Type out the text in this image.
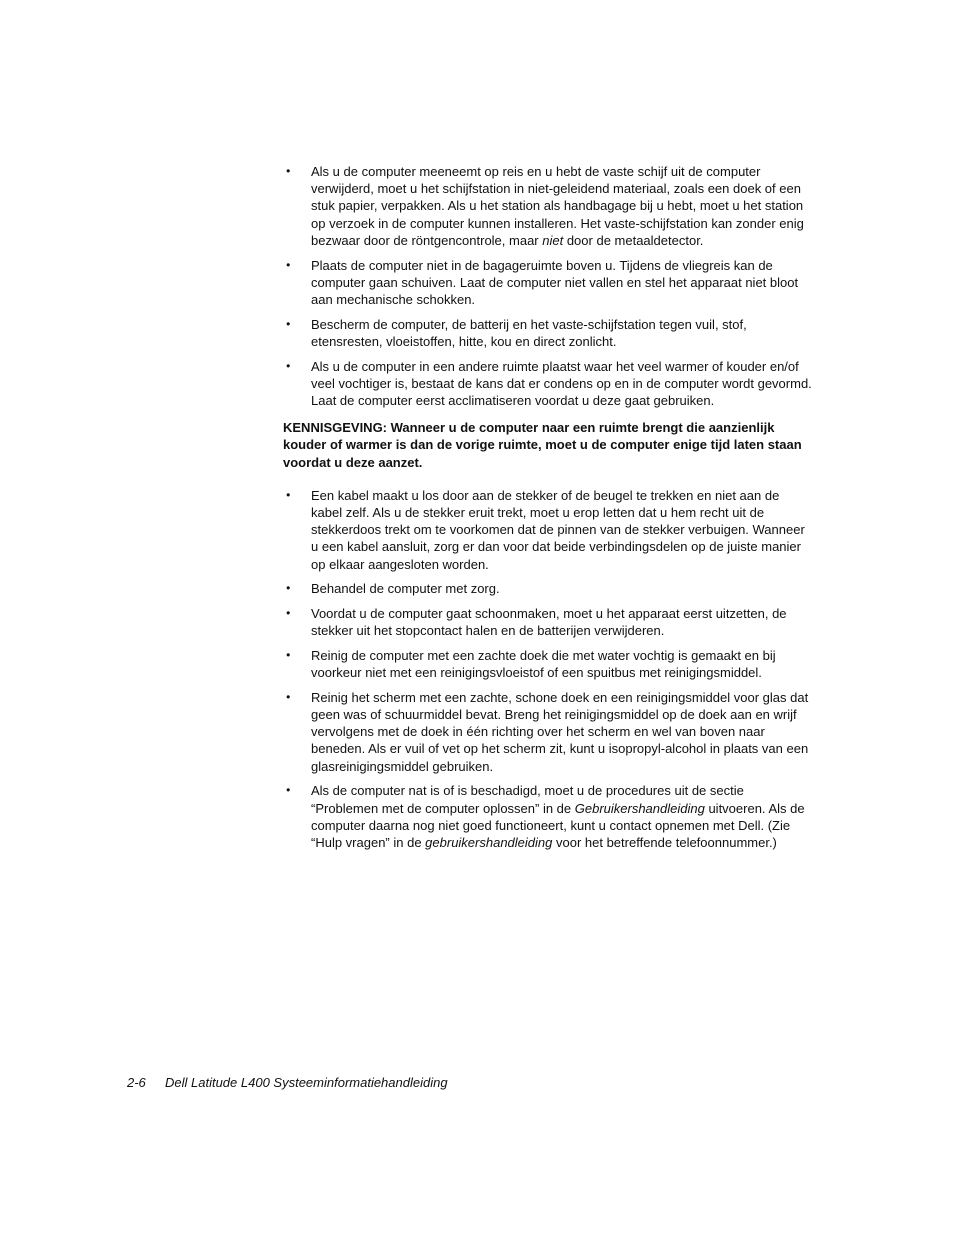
• Als u de computer meeneemt op reis en u hebt de vaste schijf uit de computer verwijderd, moet u het schijfstation in niet-geleidend materiaal, zoals een doek of een stuk papier, verpakken. Als u het station als handbagage bij u hebt, moet u het station op verzoek in de computer kunnen installeren. Het vaste-schijfstation kan zonder enig bezwaar door de röntgencontrole, maar niet door de metaaldetector.
• Plaats de computer niet in de bagageruimte boven u. Tijdens de vliegreis kan de computer gaan schuiven. Laat de computer niet vallen en stel het apparaat niet bloot aan mechanische schokken.
• Bescherm de computer, de batterij en het vaste-schijfstation tegen vuil, stof, etensresten, vloeistoffen, hitte, kou en direct zonlicht.
• Als u de computer in een andere ruimte plaatst waar het veel warmer of kouder en/of veel vochtiger is, bestaat de kans dat er condens op en in de computer wordt gevormd. Laat de computer eerst acclimatiseren voordat u deze gaat gebruiken.

KENNISGEVING: Wanneer u de computer naar een ruimte brengt die aanzienlijk kouder of warmer is dan de vorige ruimte, moet u de computer enige tijd laten staan voordat u deze aanzet.

• Een kabel maakt u los door aan de stekker of de beugel te trekken en niet aan de kabel zelf. Als u de stekker eruit trekt, moet u erop letten dat u hem recht uit de stekkerdoos trekt om te voorkomen dat de pinnen van de stekker verbuigen. Wanneer u een kabel aansluit, zorg er dan voor dat beide verbindingsdelen op de juiste manier op elkaar aangesloten worden.
• Behandel de computer met zorg.
• Voordat u de computer gaat schoonmaken, moet u het apparaat eerst uitzetten, de stekker uit het stopcontact halen en de batterijen verwijderen.
• Reinig de computer met een zachte doek die met water vochtig is gemaakt en bij voorkeur niet met een reinigingsvloeistof of een spuitbus met reinigingsmiddel.
• Reinig het scherm met een zachte, schone doek en een reinigingsmiddel voor glas dat geen was of schuurmiddel bevat. Breng het reinigingsmiddel op de doek aan en wrijf vervolgens met de doek in één richting over het scherm en wel van boven naar beneden. Als er vuil of vet op het scherm zit, kunt u isopropyl-alcohol in plaats van een glasreinigingsmiddel gebruiken.
• Als de computer nat is of is beschadigd, moet u de procedures uit de sectie “Problemen met de computer oplossen” in de Gebruikershandleiding uitvoeren. Als de computer daarna nog niet goed functioneert, kunt u contact opnemen met Dell. (Zie “Hulp vragen” in de gebruikershandleiding voor het betreffende telefoonnummer.)
2-6 Dell Latitude L400 Systeeminformatiehandleiding
